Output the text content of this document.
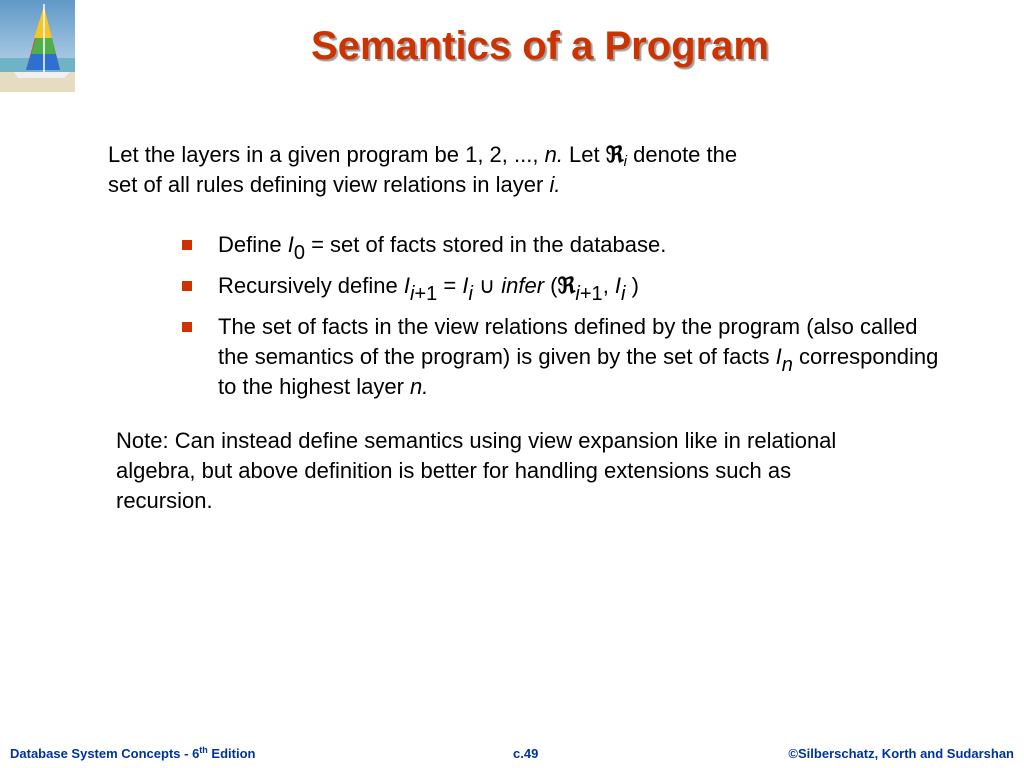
Semantics of a Program
Let the layers in a given program be 1, 2, ..., n. Let ℜ$_i$ denote the
set of all rules defining view relations in layer i.
Define $I_0$ = set of facts stored in the database.
Recursively define $I_{i+1} = I_i$ ∪ infer (ℜ$_{i+1}$, $I_i$ )
The set of facts in the view relations defined by the program (also called the semantics of the program) is given by the set of facts $I_n$ corresponding to the highest layer n.
Note: Can instead define semantics using view expansion like in relational algebra, but above definition is better for handling extensions such as recursion.
Database System Concepts - 6th Edition	c.49	©Silberschatz, Korth and Sudarshan
